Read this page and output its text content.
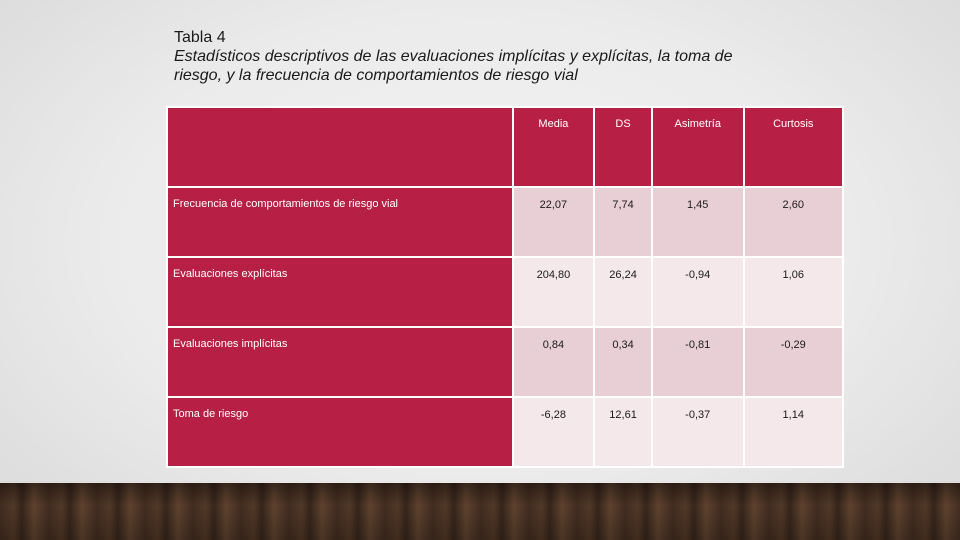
Tabla 4
Estadísticos descriptivos de las evaluaciones implícitas y explícitas, la toma de riesgo, y la frecuencia de comportamientos de riesgo vial
	Media	DS	Asimetría	Curtosis
Frecuencia de comportamientos de riesgo vial	22,07	7,74	1,45	2,60
Evaluaciones explícitas	204,80	26,24	-0,94	1,06
Evaluaciones implícitas	0,84	0,34	-0,81	-0,29
Toma de riesgo	-6,28	12,61	-0,37	1,14
